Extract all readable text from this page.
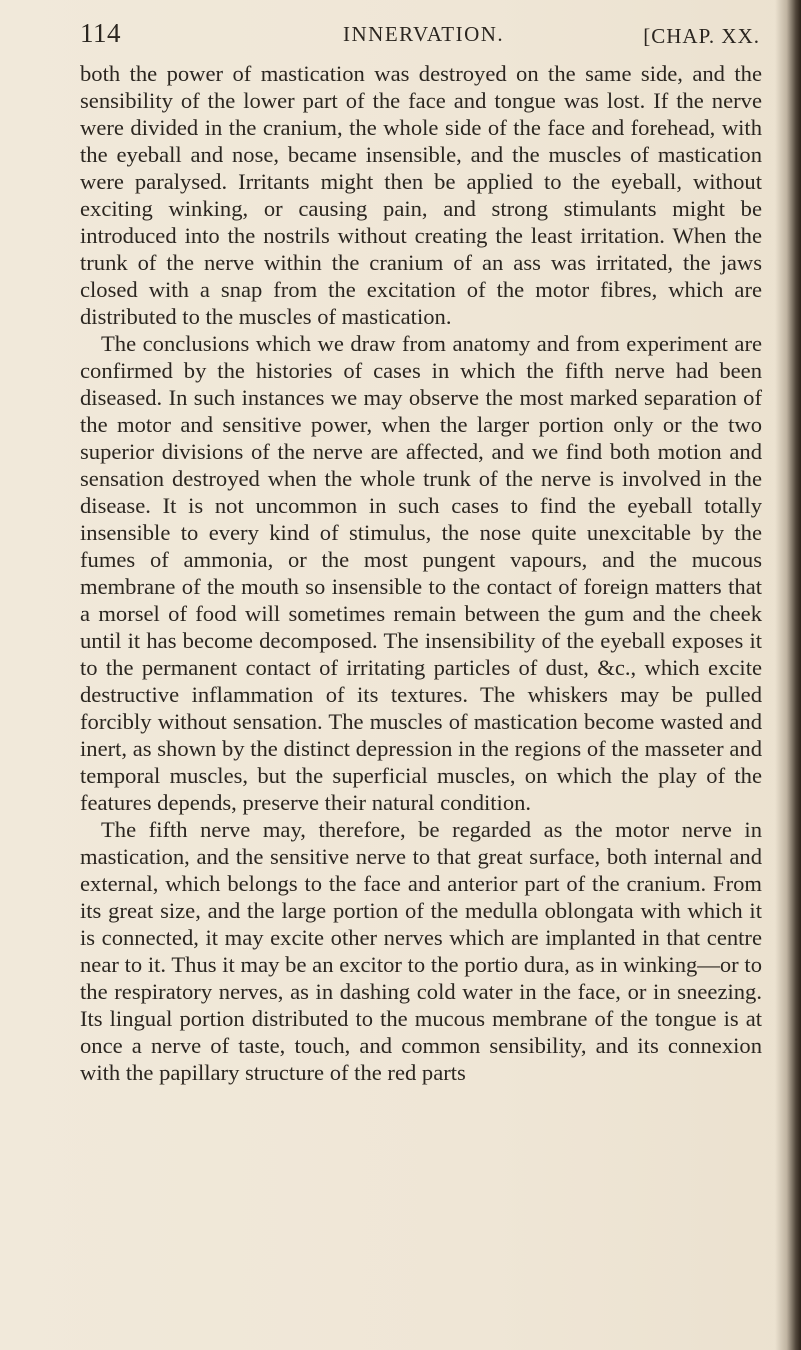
114	INNERVATION.	[CHAP. XX.

both the power of mastication was destroyed on the same side, and the sensibility of the lower part of the face and tongue was lost. If the nerve were divided in the cranium, the whole side of the face and forehead, with the eyeball and nose, became insensible, and the muscles of mastication were paralysed. Irritants might then be applied to the eyeball, without exciting winking, or causing pain, and strong stimulants might be introduced into the nostrils without creating the least irritation. When the trunk of the nerve within the cranium of an ass was irritated, the jaws closed with a snap from the excitation of the motor fibres, which are distributed to the muscles of mastication.

The conclusions which we draw from anatomy and from experiment are confirmed by the histories of cases in which the fifth nerve had been diseased. In such instances we may observe the most marked separation of the motor and sensitive power, when the larger portion only or the two superior divisions of the nerve are affected, and we find both motion and sensation destroyed when the whole trunk of the nerve is involved in the disease. It is not uncommon in such cases to find the eyeball totally insensible to every kind of stimulus, the nose quite unexcitable by the fumes of ammonia, or the most pungent vapours, and the mucous membrane of the mouth so insensible to the contact of foreign matters that a morsel of food will sometimes remain between the gum and the cheek until it has become decomposed. The insensibility of the eyeball exposes it to the permanent contact of irritating particles of dust, &c., which excite destructive inflammation of its textures. The whiskers may be pulled forcibly without sensation. The muscles of mastication become wasted and inert, as shown by the distinct depression in the regions of the masseter and temporal muscles, but the superficial muscles, on which the play of the features depends, preserve their natural condition.

The fifth nerve may, therefore, be regarded as the motor nerve in mastication, and the sensitive nerve to that great surface, both internal and external, which belongs to the face and anterior part of the cranium. From its great size, and the large portion of the medulla oblongata with which it is connected, it may excite other nerves which are implanted in that centre near to it. Thus it may be an excitor to the portio dura, as in winking—or to the respiratory nerves, as in dashing cold water in the face, or in sneezing. Its lingual portion distributed to the mucous membrane of the tongue is at once a nerve of taste, touch, and common sensibility, and its connexion with the papillary structure of the red parts
